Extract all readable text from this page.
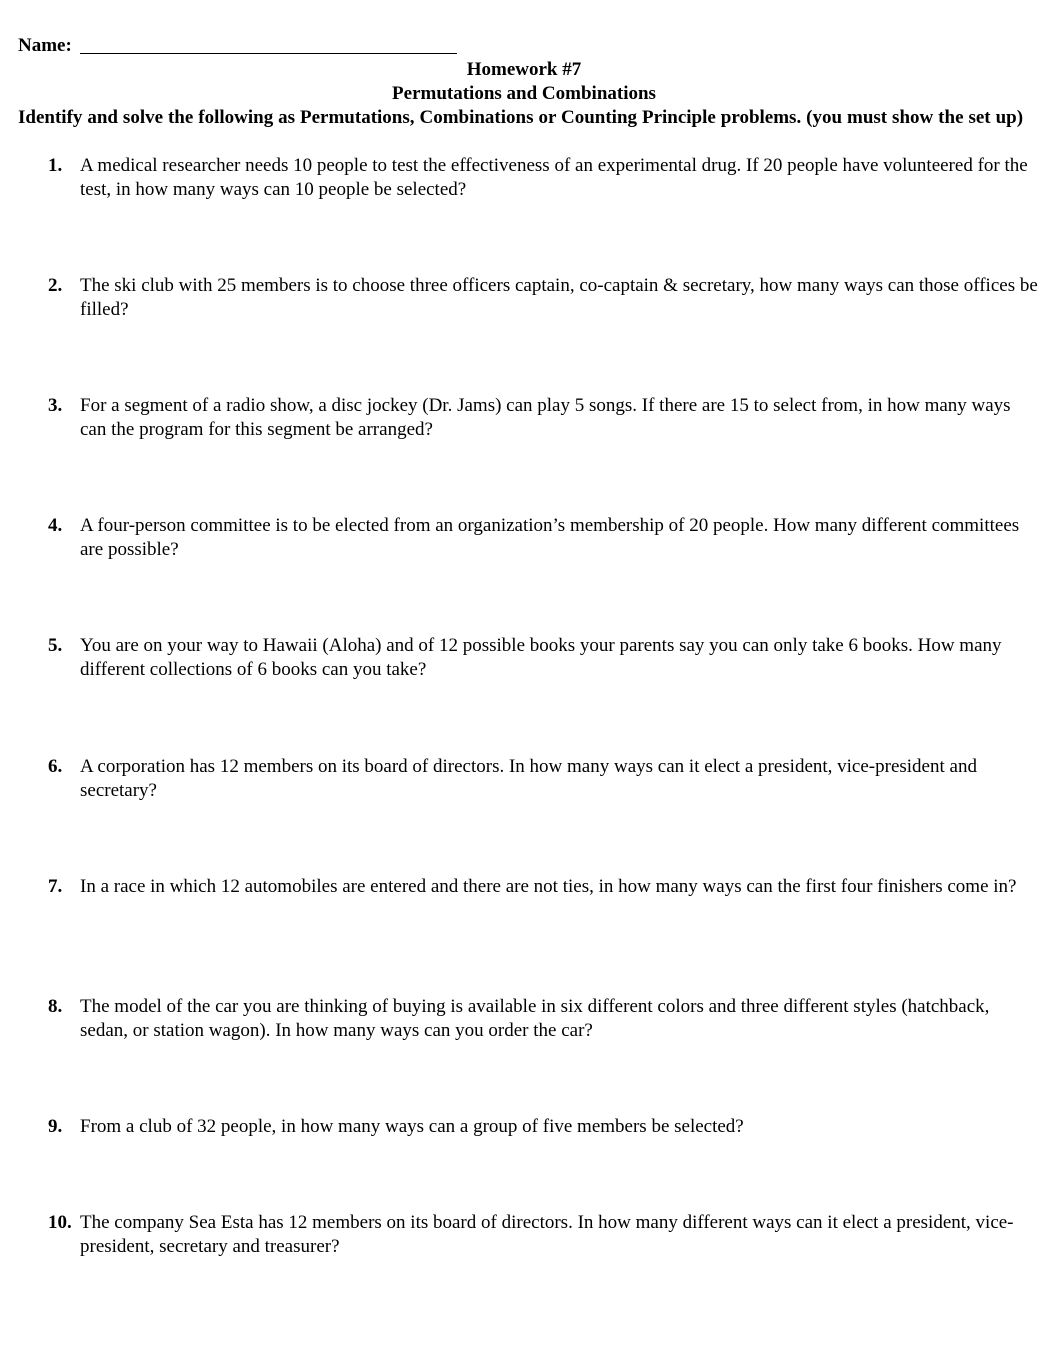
Name:
Homework #7
Permutations and Combinations
Identify and solve the following as Permutations, Combinations or Counting Principle problems. (you must show the set up)
1. A medical researcher needs 10 people to test the effectiveness of an experimental drug. If 20 people have volunteered for the test, in how many ways can 10 people be selected?
2. The ski club with 25 members is to choose three officers captain, co-captain & secretary, how many ways can those offices be filled?
3. For a segment of a radio show, a disc jockey (Dr. Jams) can play 5 songs. If there are 15 to select from, in how many ways can the program for this segment be arranged?
4. A four-person committee is to be elected from an organization’s membership of 20 people. How many different committees are possible?
5. You are on your way to Hawaii (Aloha) and of 12 possible books your parents say you can only take 6 books. How many different collections of 6 books can you take?
6. A corporation has 12 members on its board of directors. In how many ways can it elect a president, vice-president and secretary?
7. In a race in which 12 automobiles are entered and there are not ties, in how many ways can the first four finishers come in?
8. The model of the car you are thinking of buying is available in six different colors and three different styles (hatchback, sedan, or station wagon). In how many ways can you order the car?
9. From a club of 32 people, in how many ways can a group of five members be selected?
10. The company Sea Esta has 12 members on its board of directors. In how many different ways can it elect a president, vice-president, secretary and treasurer?
